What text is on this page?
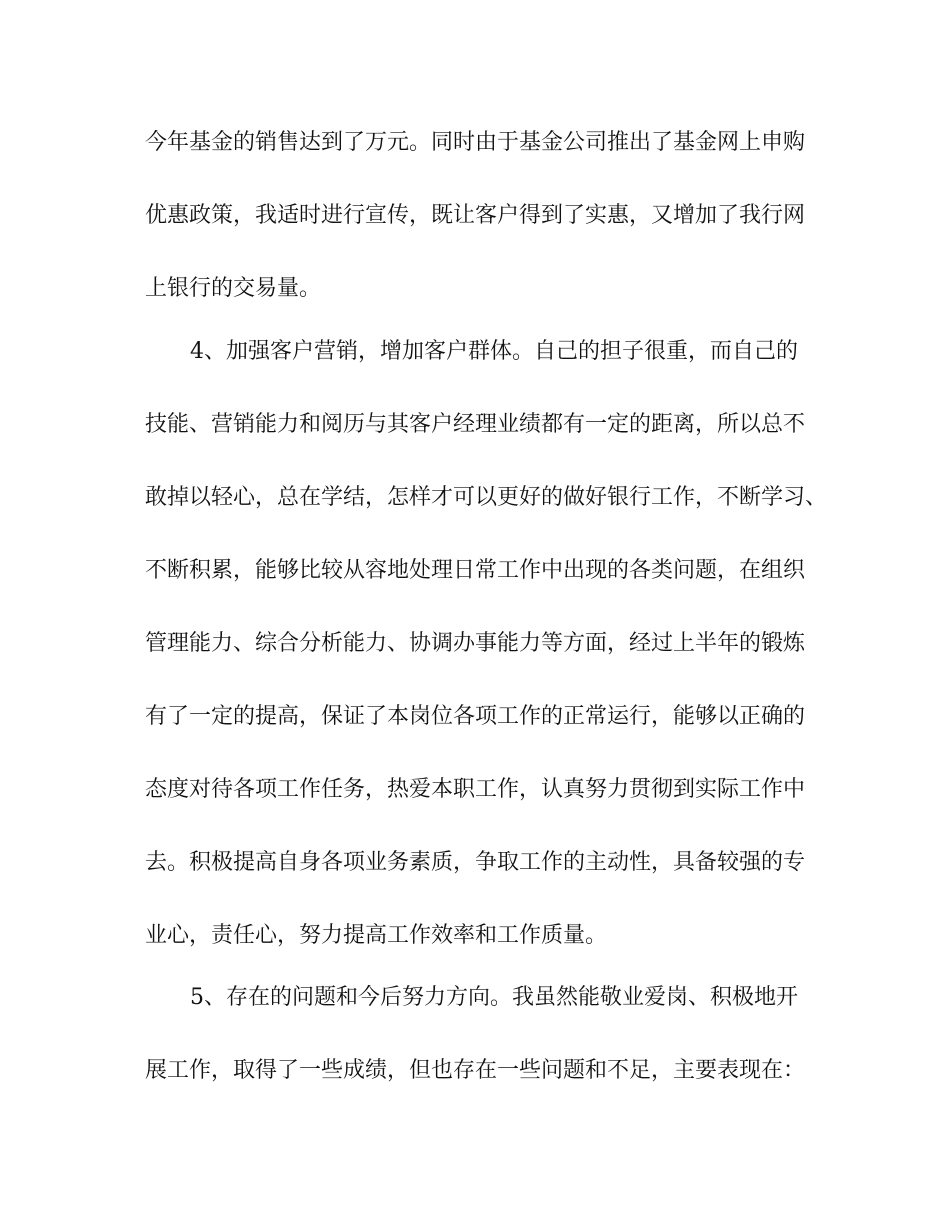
今年基金的销售达到了万元。同时由于基金公司推出了基金网上申购
优惠政策，我适时进行宣传，既让客户得到了实惠，又增加了我行网
上银行的交易量。
4、加强客户营销，增加客户群体。自己的担子很重，而自己的
技能、营销能力和阅历与其客户经理业绩都有一定的距离，所以总不
敢掉以轻心，总在学结，怎样才可以更好的做好银行工作，不断学习、
不断积累，能够比较从容地处理日常工作中出现的各类问题，在组织
管理能力、综合分析能力、协调办事能力等方面，经过上半年的锻炼
有了一定的提高，保证了本岗位各项工作的正常运行，能够以正确的
态度对待各项工作任务，热爱本职工作，认真努力贯彻到实际工作中
去。积极提高自身各项业务素质，争取工作的主动性，具备较强的专
业心，责任心，努力提高工作效率和工作质量。
5、存在的问题和今后努力方向。我虽然能敬业爱岗、积极地开
展工作，取得了一些成绩，但也存在一些问题和不足，主要表现在：
